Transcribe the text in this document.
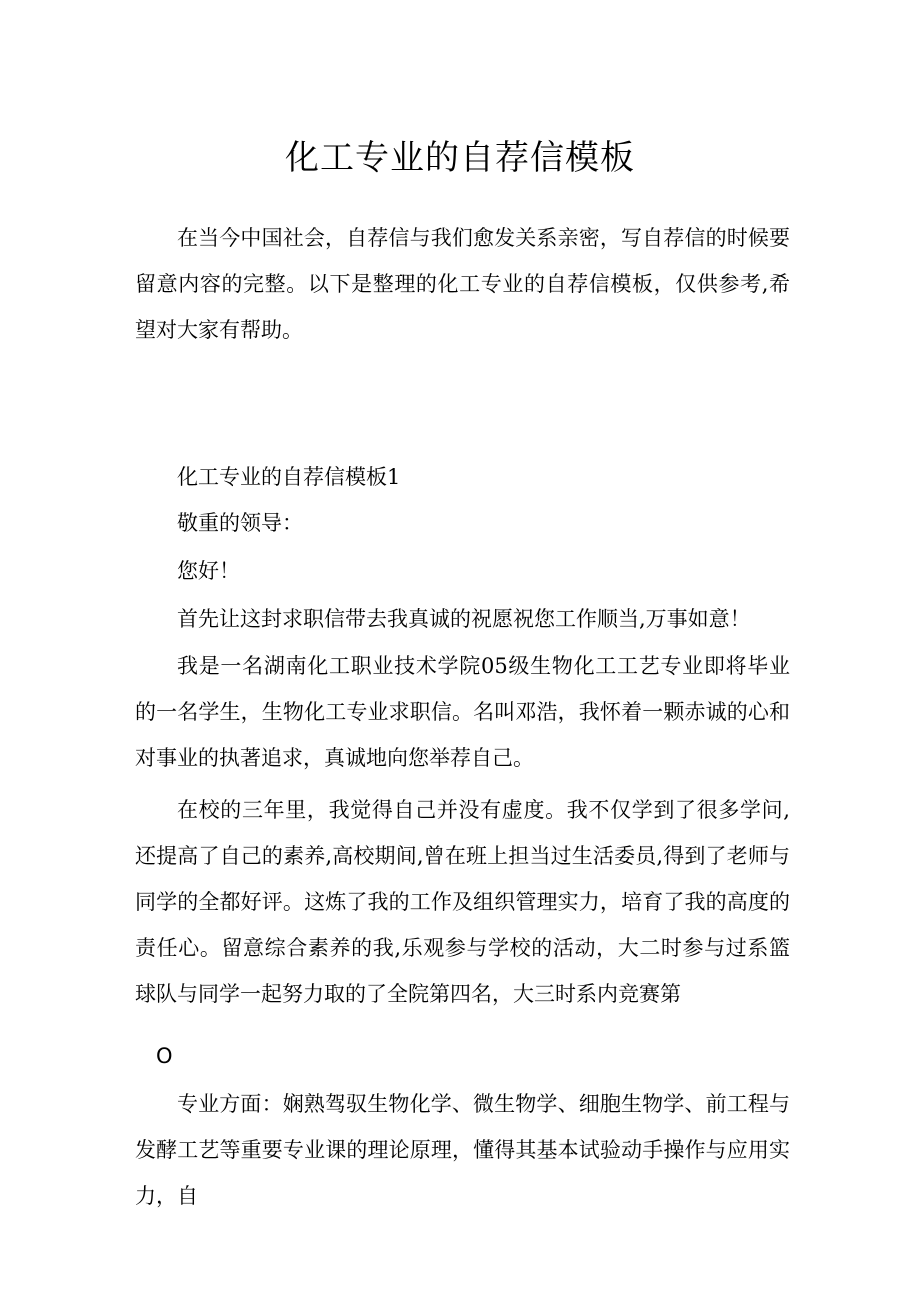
化工专业的自荐信模板

在当今中国社会，自荐信与我们愈发关系亲密，写自荐信的时候要留意内容的完整。以下是整理的化工专业的自荐信模板，仅供参考,希望对大家有帮助。

化工专业的自荐信模板1

敬重的领导：

您好！

首先让这封求职信带去我真诚的祝愿祝您工作顺当,万事如意！

我是一名湖南化工职业技术学院05级生物化工工艺专业即将毕业的一名学生，生物化工专业求职信。名叫邓浩，我怀着一颗赤诚的心和对事业的执著追求，真诚地向您举荐自己。

在校的三年里，我觉得自己并没有虚度。我不仅学到了很多学问,还提高了自己的素养,高校期间,曾在班上担当过生活委员,得到了老师与同学的全都好评。这炼了我的工作及组织管理实力，培育了我的高度的责任心。留意综合素养的我,乐观参与学校的活动，大二时参与过系篮球队与同学一起努力取的了全院第四名，大三时系内竞赛第

O

专业方面：娴熟驾驭生物化学、微生物学、细胞生物学、前工程与发酵工艺等重要专业课的理论原理，懂得其基本试验动手操作与应用实力，自
